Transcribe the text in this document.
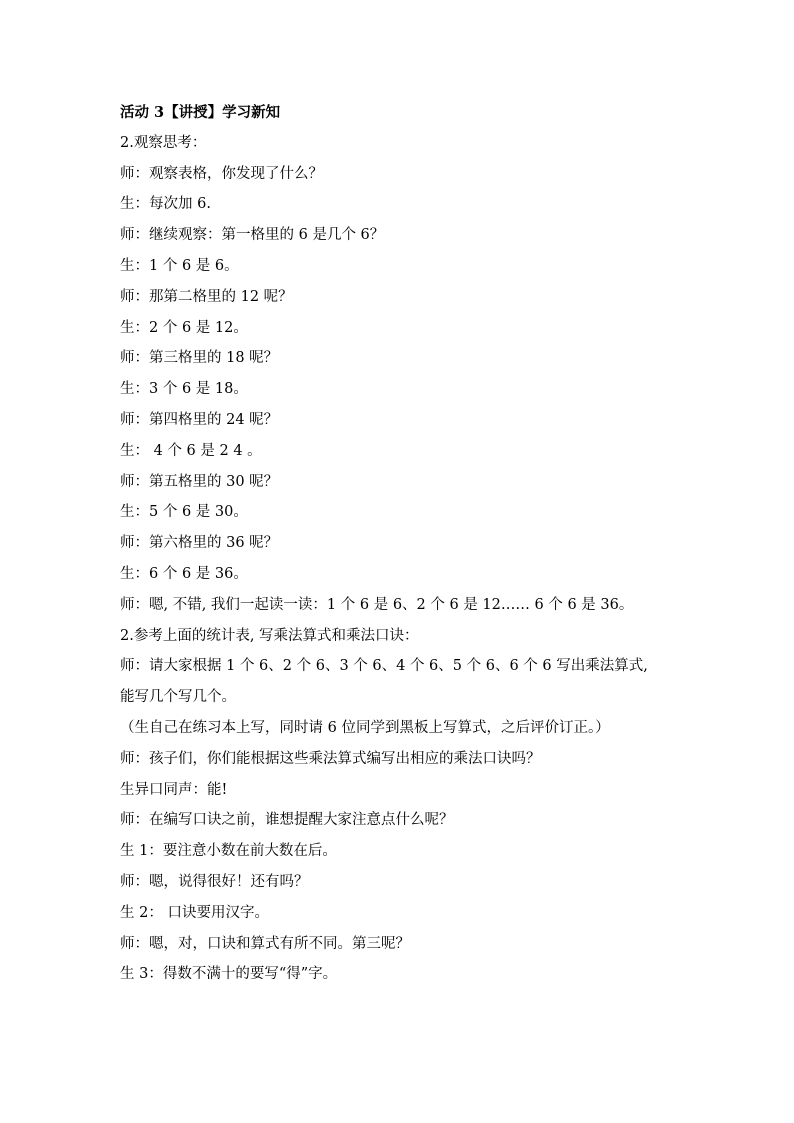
活动 3【讲授】学习新知
2.观察思考：
师：观察表格，你发现了什么？
生：每次加 6.
师：继续观察：第一格里的 6 是几个 6？
生：1 个 6 是 6。
师：那第二格里的 12 呢？
生：2 个 6 是 12。
师：第三格里的 18 呢？
生：3 个 6 是 18。
师：第四格里的 24 呢？
生： 4 个 6 是 2 4 。
师：第五格里的 30 呢？
生：5 个 6 是 30。
师：第六格里的 36 呢？
生：6 个 6 是 36。
师：嗯, 不错, 我们一起读一读：1 个 6 是 6、2 个 6 是 12…… 6 个 6 是 36。
2.参考上面的统计表, 写乘法算式和乘法口诀：
师：请大家根据 1 个 6、2 个 6、3 个 6、4 个 6、5 个 6、6 个 6 写出乘法算式,
能写几个写几个。
（生自己在练习本上写，同时请 6 位同学到黑板上写算式，之后评价订正。）
师：孩子们，你们能根据这些乘法算式编写出相应的乘法口诀吗？
生异口同声：能!
师：在编写口诀之前，谁想提醒大家注意点什么呢？
生 1：要注意小数在前大数在后。
师：嗯，说得很好！还有吗？
生 2： 口诀要用汉字。
师：嗯，对，口诀和算式有所不同。第三呢？
生 3：得数不满十的要写“得”字。
